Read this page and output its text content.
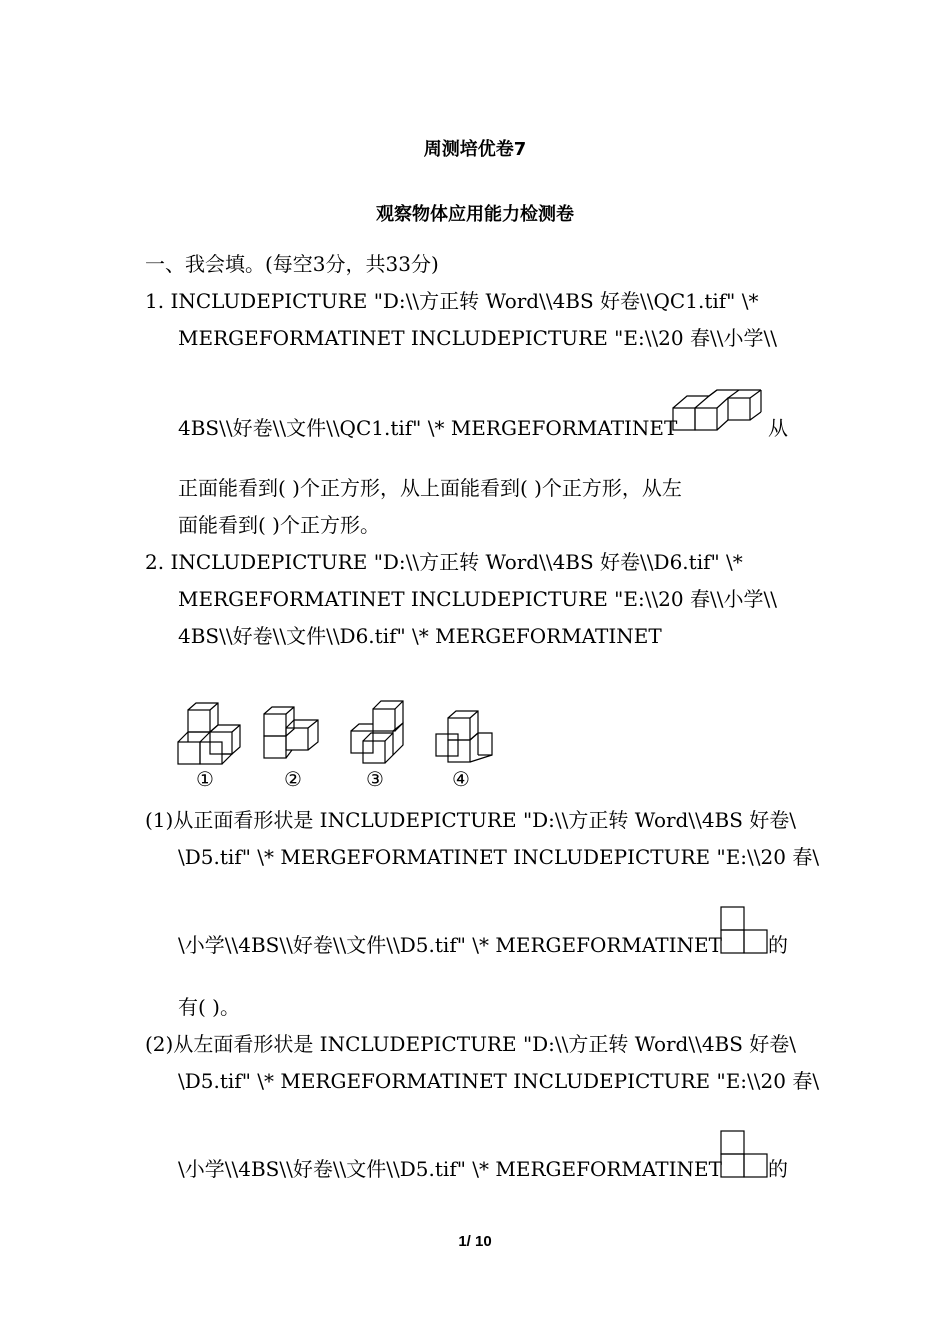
周测培优卷7
观察物体应用能力检测卷
一、我会填。(每空3分，共33分)
1. INCLUDEPICTURE "D:\\方正转 Word\\4BS 好卷\\QC1.tif" \*
MERGEFORMATINET INCLUDEPICTURE "E:\\20 春\\小学\\
4BS\\好卷\\文件\\QC1.tif" \* MERGEFORMATINET	从
正面能看到( )个正方形，从上面能看到( )个正方形，从左
面能看到( )个正方形。
2. INCLUDEPICTURE "D:\\方正转 Word\\4BS 好卷\\D6.tif" \*
MERGEFORMATINET INCLUDEPICTURE "E:\\20 春\\小学\\
4BS\\好卷\\文件\\D6.tif" \* MERGEFORMATINET
①	②	③	④
(1)从正面看形状是 INCLUDEPICTURE "D:\\方正转 Word\\4BS 好卷\
\D5.tif" \* MERGEFORMATINET INCLUDEPICTURE "E:\\20 春\
\小学\\4BS\\好卷\\文件\\D5.tif" \* MERGEFORMATINET 的
有( )。
(2)从左面看形状是 INCLUDEPICTURE "D:\\方正转 Word\\4BS 好卷\
\D5.tif" \* MERGEFORMATINET INCLUDEPICTURE "E:\\20 春\
\小学\\4BS\\好卷\\文件\\D5.tif" \* MERGEFORMATINET 的
1/ 10
